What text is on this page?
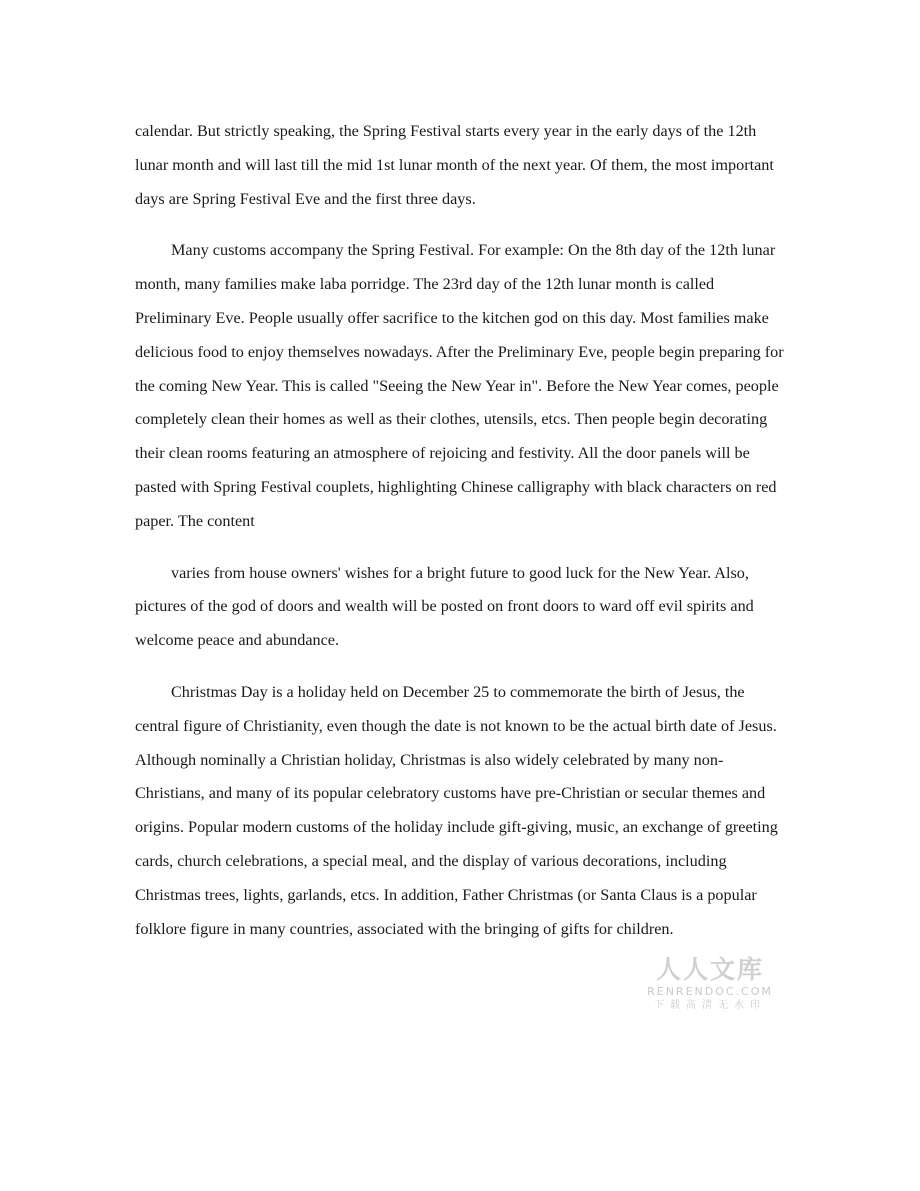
calendar. But strictly speaking, the Spring Festival starts every year in the early days of the 12th lunar month and will last till the mid 1st lunar month of the next year. Of them, the most important days are Spring Festival Eve and the first three days.

Many customs accompany the Spring Festival. For example: On the 8th day of the 12th lunar month, many families make laba porridge. The 23rd day of the 12th lunar month is called Preliminary Eve. People usually offer sacrifice to the kitchen god on this day. Most families make delicious food to enjoy themselves nowadays. After the Preliminary Eve, people begin preparing for the coming New Year. This is called "Seeing the New Year in". Before the New Year comes, people completely clean their homes as well as their clothes, utensils, etcs. Then people begin decorating their clean rooms featuring an atmosphere of rejoicing and festivity. All the door panels will be pasted with Spring Festival couplets, highlighting Chinese calligraphy with black characters on red paper. The content

varies from house owners' wishes for a bright future to good luck for the New Year. Also, pictures of the god of doors and wealth will be posted on front doors to ward off evil spirits and welcome peace and abundance.

Christmas Day is a holiday held on December 25 to commemorate the birth of Jesus, the central figure of Christianity, even though the date is not known to be the actual birth date of Jesus. Although nominally a Christian holiday, Christmas is also widely celebrated by many non-Christians, and many of its popular celebratory customs have pre-Christian or secular themes and origins. Popular modern customs of the holiday include gift-giving, music, an exchange of greeting cards, church celebrations, a special meal, and the display of various decorations, including Christmas trees, lights, garlands, etcs. In addition, Father Christmas (or Santa Claus is a popular folklore figure in many countries, associated with the bringing of gifts for children.

人人文库
RENRENDOC.COM
下载高清无水印
